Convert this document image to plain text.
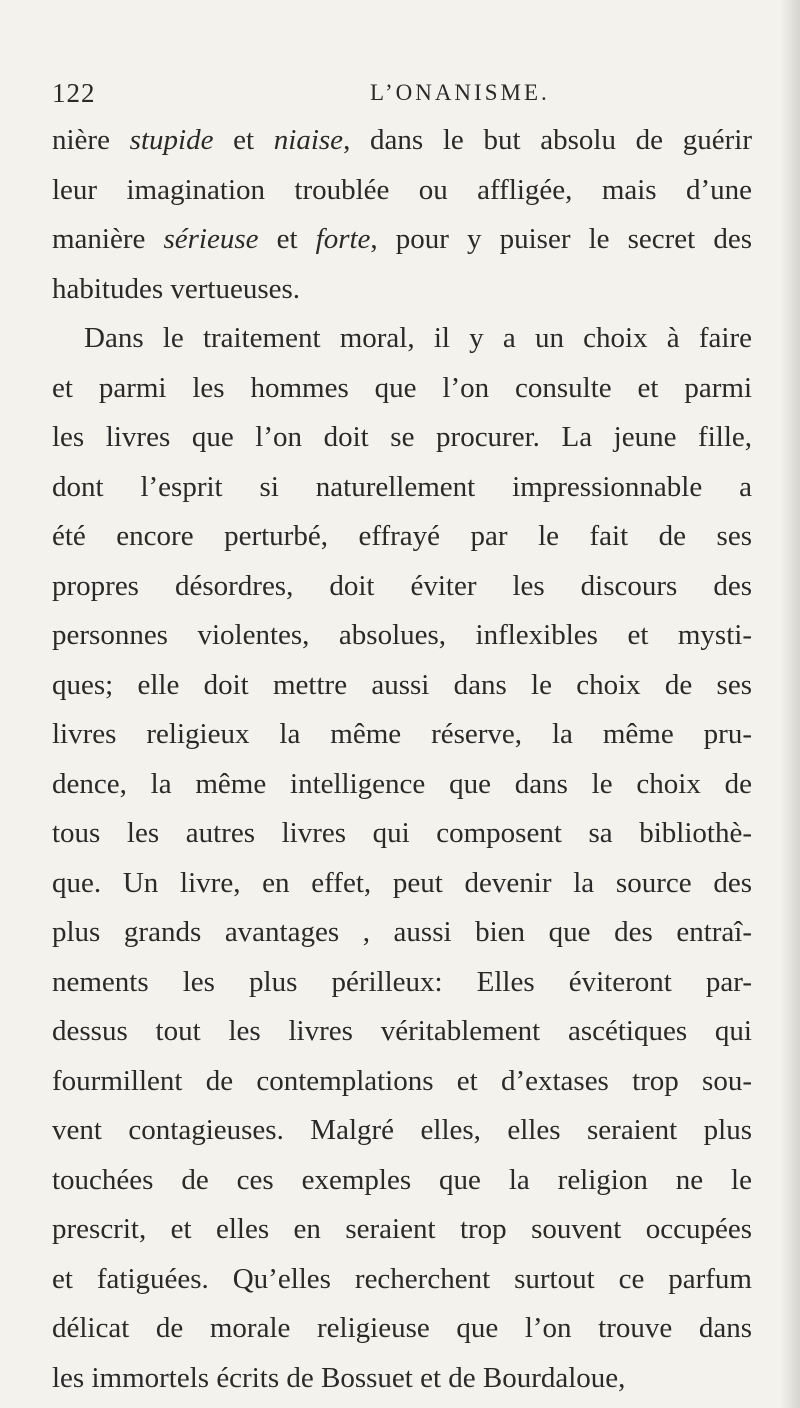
122	L’ONANISME.
nière stupide et niaise, dans le but absolu de guérir
leur imagination troublée ou affligée, mais d’une
manière sérieuse et forte, pour y puiser le secret des
habitudes vertueuses.
Dans le traitement moral, il y a un choix à faire
et parmi les hommes que l’on consulte et parmi
les livres que l’on doit se procurer. La jeune fille,
dont l’esprit si naturellement impressionnable a
été encore perturbé, effrayé par le fait de ses
propres désordres, doit éviter les discours des
personnes violentes, absolues, inflexibles et mysti-
ques; elle doit mettre aussi dans le choix de ses
livres religieux la même réserve, la même pru-
dence, la même intelligence que dans le choix de
tous les autres livres qui composent sa bibliothè-
que. Un livre, en effet, peut devenir la source des
plus grands avantages , aussi bien que des entraî-
nements les plus périlleux: Elles éviteront par-
dessus tout les livres véritablement ascétiques qui
fourmillent de contemplations et d’extases trop sou-
vent contagieuses. Malgré elles, elles seraient plus
touchées de ces exemples que la religion ne le
prescrit, et elles en seraient trop souvent occupées
et fatiguées. Qu’elles recherchent surtout ce parfum
délicat de morale religieuse que l’on trouve dans
les immortels écrits de Bossuet et de Bourdaloue,
